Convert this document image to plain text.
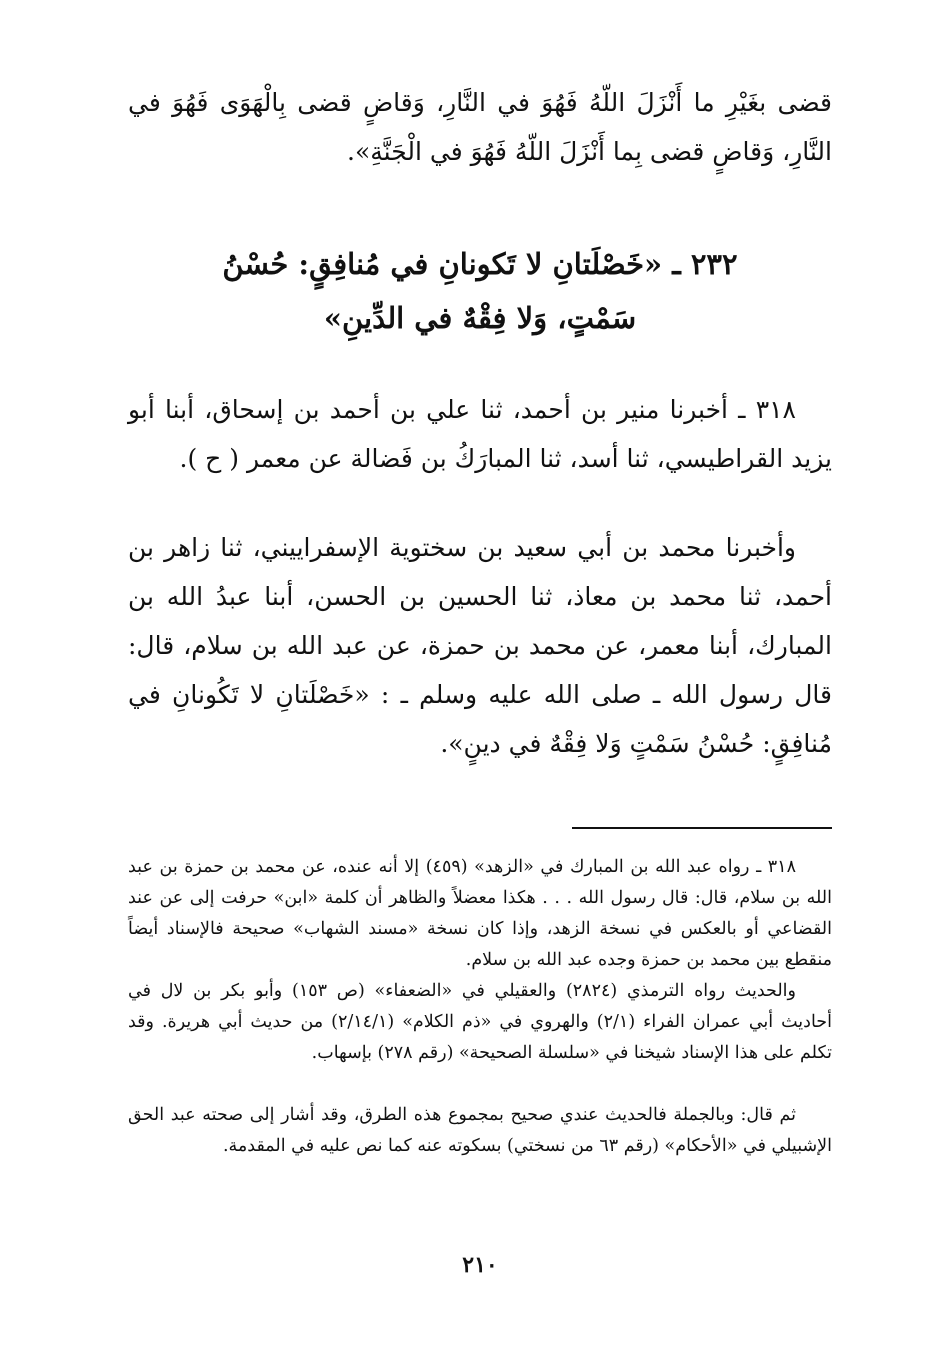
قضى بغَيْرِ ما أَنْزَلَ اللّهُ فَهُوَ في النَّارِ، وَقاضٍ قضى بِالْهَوَى فَهُوَ في النَّارِ، وَقاضٍ قضى بِما أَنْزَلَ اللّهُ فَهُوَ في الْجَنَّةِ».

٢٣٢ ـ «خَصْلَتانِ لا تَكونانِ في مُنافِقٍ: حُسْنُ
سَمْتٍ، وَلا فِقْهٌ في الدِّينِ»

٣١٨ ـ أخبرنا منير بن أحمد، ثنا علي بن أحمد بن إسحاق، أبنا أبو يزيد القراطيسي، ثنا أسد، ثنا المبارَكُ بن فَضالة عن معمر ( ح ).

وأخبرنا محمد بن أبي سعيد بن سختوية الإسفراييني، ثنا زاهر بن أحمد، ثنا محمد بن معاذ، ثنا الحسين بن الحسن، أبنا عبدُ الله بن المبارك، أبنا معمر، عن محمد بن حمزة، عن عبد الله بن سلام، قال: قال رسول الله ـ صلى الله عليه وسلم ـ : «خَصْلَتانِ لا تَكُونانِ في مُنافِقٍ: حُسْنُ سَمْتٍ وَلا فِقْهٌ في دينٍ».

٣١٨ ـ رواه عبد الله بن المبارك في «الزهد» (٤٥٩) إلا أنه عنده، عن محمد بن حمزة بن عبد الله بن سلام، قال: قال رسول الله . . . هكذا معضلاً والظاهر أن كلمة «ابن» حرفت إلى عن عند القضاعي أو بالعكس في نسخة الزهد، وإذا كان نسخة «مسند الشهاب» صحيحة فالإسناد أيضاً منقطع بين محمد بن حمزة وجده عبد الله بن سلام.

والحديث رواه الترمذي (٢٨٢٤) والعقيلي في «الضعفاء» (ص ١٥٣) وأبو بكر بن لال في أحاديث أبي عمران الفراء (٢/١) والهروي في «ذم الكلام» (٢/١٤/١) من حديث أبي هريرة. وقد تكلم على هذا الإسناد شيخنا في «سلسلة الصحيحة» (رقم ٢٧٨) بإسهاب.

ثم قال: وبالجملة فالحديث عندي صحيح بمجموع هذه الطرق، وقد أشار إلى صحته عبد الحق الإشبيلي في «الأحكام» (رقم ٦٣ من نسختي) بسكوته عنه كما نص عليه في المقدمة.

٢١٠
